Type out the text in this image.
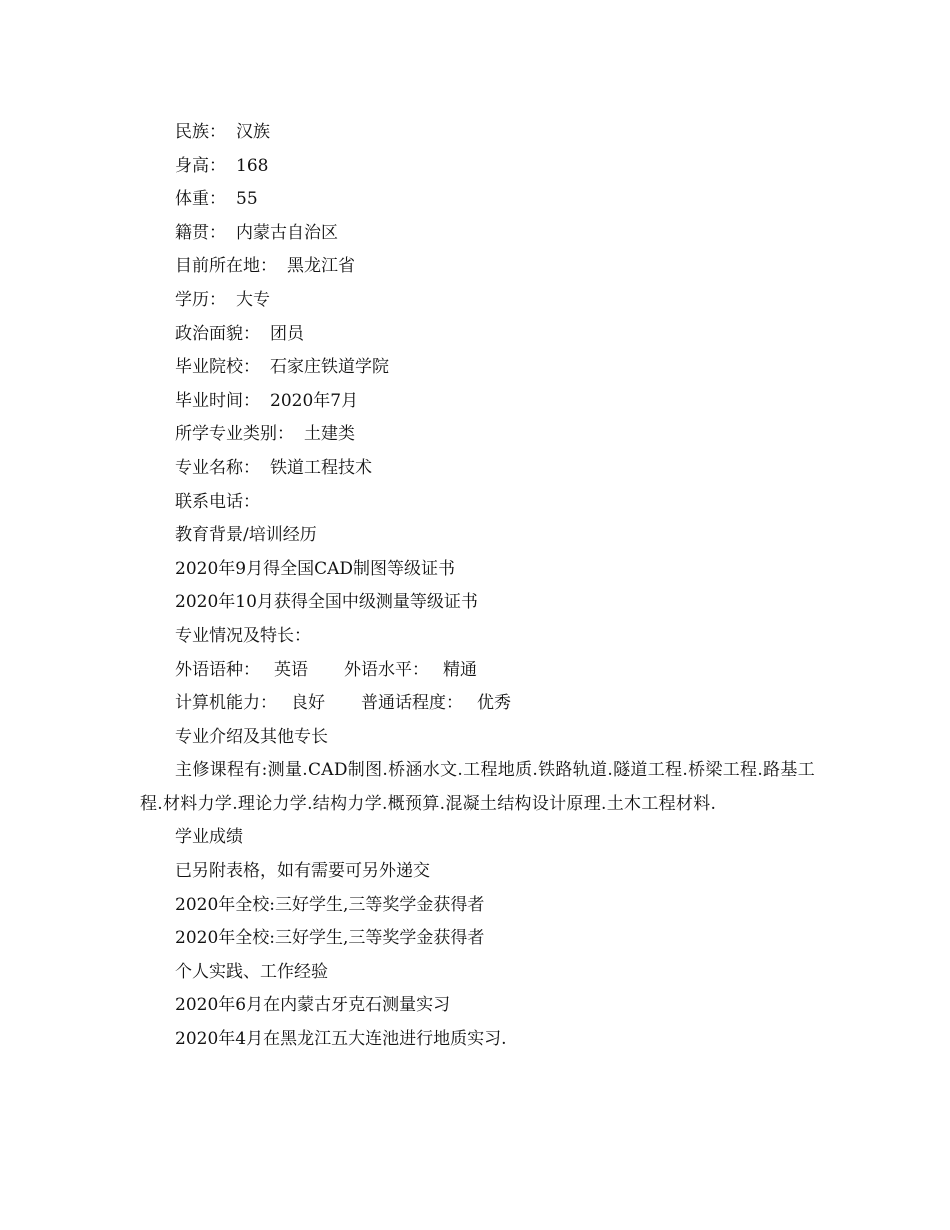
民族： 汉族
身高： 168
体重： 55
籍贯： 内蒙古自治区
目前所在地： 黑龙江省
学历： 大专
政治面貌： 团员
毕业院校： 石家庄铁道学院
毕业时间： 2020年7月
所学专业类别： 土建类
专业名称： 铁道工程技术
联系电话：
教育背景/培训经历
2020年9月得全国CAD制图等级证书
2020年10月获得全国中级测量等级证书
专业情况及特长：
外语语种： 英语 外语水平： 精通
计算机能力： 良好 普通话程度： 优秀
专业介绍及其他专长
主修课程有:测量.CAD制图.桥涵水文.工程地质.铁路轨道.隧道工程.桥梁工程.路基工程.材料力学.理论力学.结构力学.概预算.混凝土结构设计原理.土木工程材料.
学业成绩
已另附表格，如有需要可另外递交
2020年全校:三好学生,三等奖学金获得者
2020年全校:三好学生,三等奖学金获得者
个人实践、工作经验
2020年6月在内蒙古牙克石测量实习
2020年4月在黑龙江五大连池进行地质实习.
